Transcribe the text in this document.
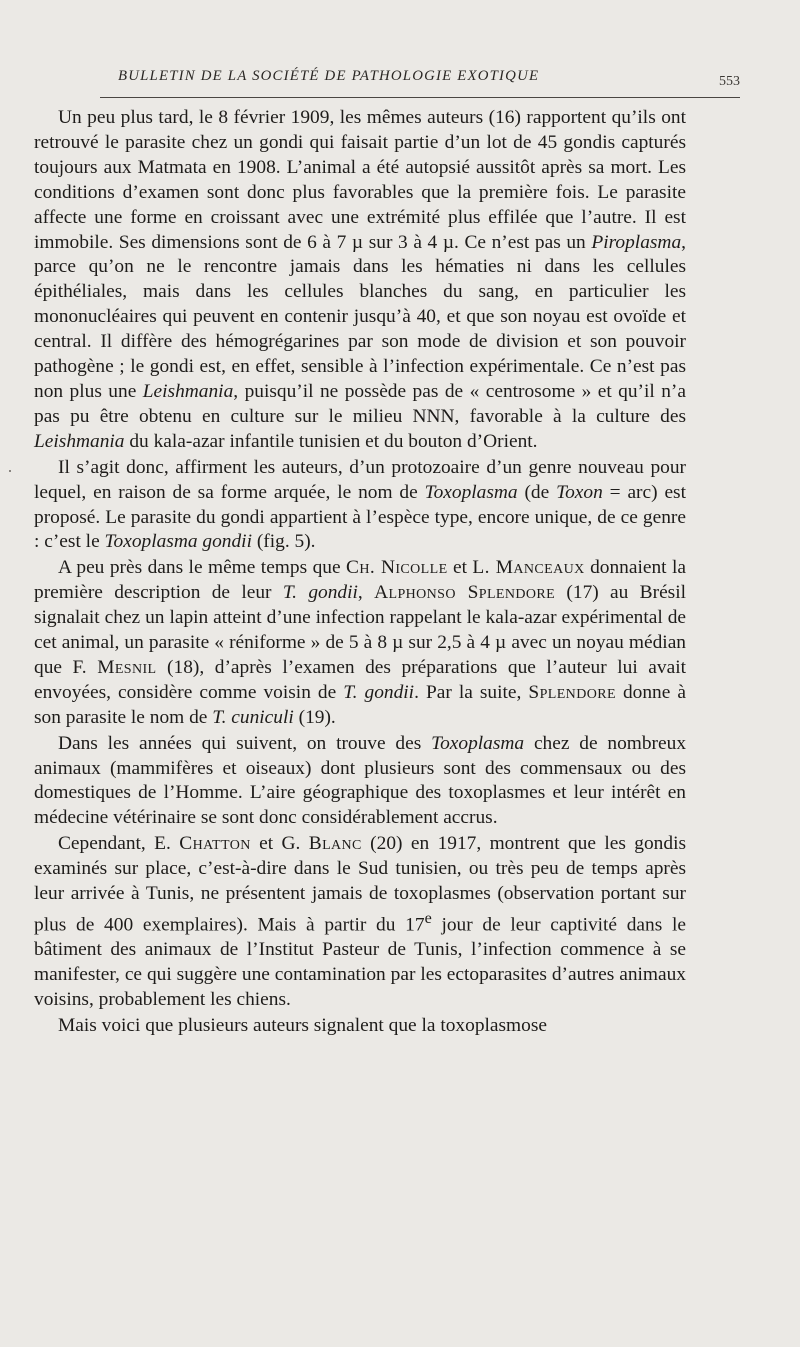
BULLETIN DE LA SOCIÉTÉ DE PATHOLOGIE EXOTIQUE	553

Un peu plus tard, le 8 février 1909, les mêmes auteurs (16) rapportent qu’ils ont retrouvé le parasite chez un gondi qui faisait partie d’un lot de 45 gondis capturés toujours aux Matmata en 1908. L’animal a été autopsié aussitôt après sa mort. Les conditions d’examen sont donc plus favorables que la première fois. Le parasite affecte une forme en croissant avec une extrémité plus effilée que l’autre. Il est immobile. Ses dimensions sont de 6 à 7 µ sur 3 à 4 µ. Ce n’est pas un Piroplasma, parce qu’on ne le rencontre jamais dans les hématies ni dans les cellules épithéliales, mais dans les cellules blanches du sang, en particulier les mononucléaires qui peuvent en contenir jusqu’à 40, et que son noyau est ovoïde et central. Il diffère des hémogrégarines par son mode de division et son pouvoir pathogène ; le gondi est, en effet, sensible à l’infection expérimentale. Ce n’est pas non plus une Leishmania, puisqu’il ne possède pas de « centrosome » et qu’il n’a pas pu être obtenu en culture sur le milieu NNN, favorable à la culture des Leishmania du kala-azar infantile tunisien et du bouton d’Orient.

Il s’agit donc, affirment les auteurs, d’un protozoaire d’un genre nouveau pour lequel, en raison de sa forme arquée, le nom de Toxoplasma (de Toxon = arc) est proposé. Le parasite du gondi appartient à l’espèce type, encore unique, de ce genre : c’est le Toxoplasma gondii (fig. 5).

A peu près dans le même temps que Ch. Nicolle et L. Manceaux donnaient la première description de leur T. gondii, Alphonso Splendore (17) au Brésil signalait chez un lapin atteint d’une infection rappelant le kala-azar expérimental de cet animal, un parasite « réniforme » de 5 à 8 µ sur 2,5 à 4 µ avec un noyau médian que F. Mesnil (18), d’après l’examen des préparations que l’auteur lui avait envoyées, considère comme voisin de T. gondii. Par la suite, Splendore donne à son parasite le nom de T. cuniculi (19).

Dans les années qui suivent, on trouve des Toxoplasma chez de nombreux animaux (mammifères et oiseaux) dont plusieurs sont des commensaux ou des domestiques de l’Homme. L’aire géographique des toxoplasmes et leur intérêt en médecine vétérinaire se sont donc considérablement accrus.

Cependant, E. Chatton et G. Blanc (20) en 1917, montrent que les gondis examinés sur place, c’est-à-dire dans le Sud tunisien, ou très peu de temps après leur arrivée à Tunis, ne présentent jamais de toxoplasmes (observation portant sur plus de 400 exemplaires). Mais à partir du 17e jour de leur captivité dans le bâtiment des animaux de l’Institut Pasteur de Tunis, l’infection commence à se manifester, ce qui suggère une contamination par les ectoparasites d’autres animaux voisins, probablement les chiens.

Mais voici que plusieurs auteurs signalent que la toxoplasmose
